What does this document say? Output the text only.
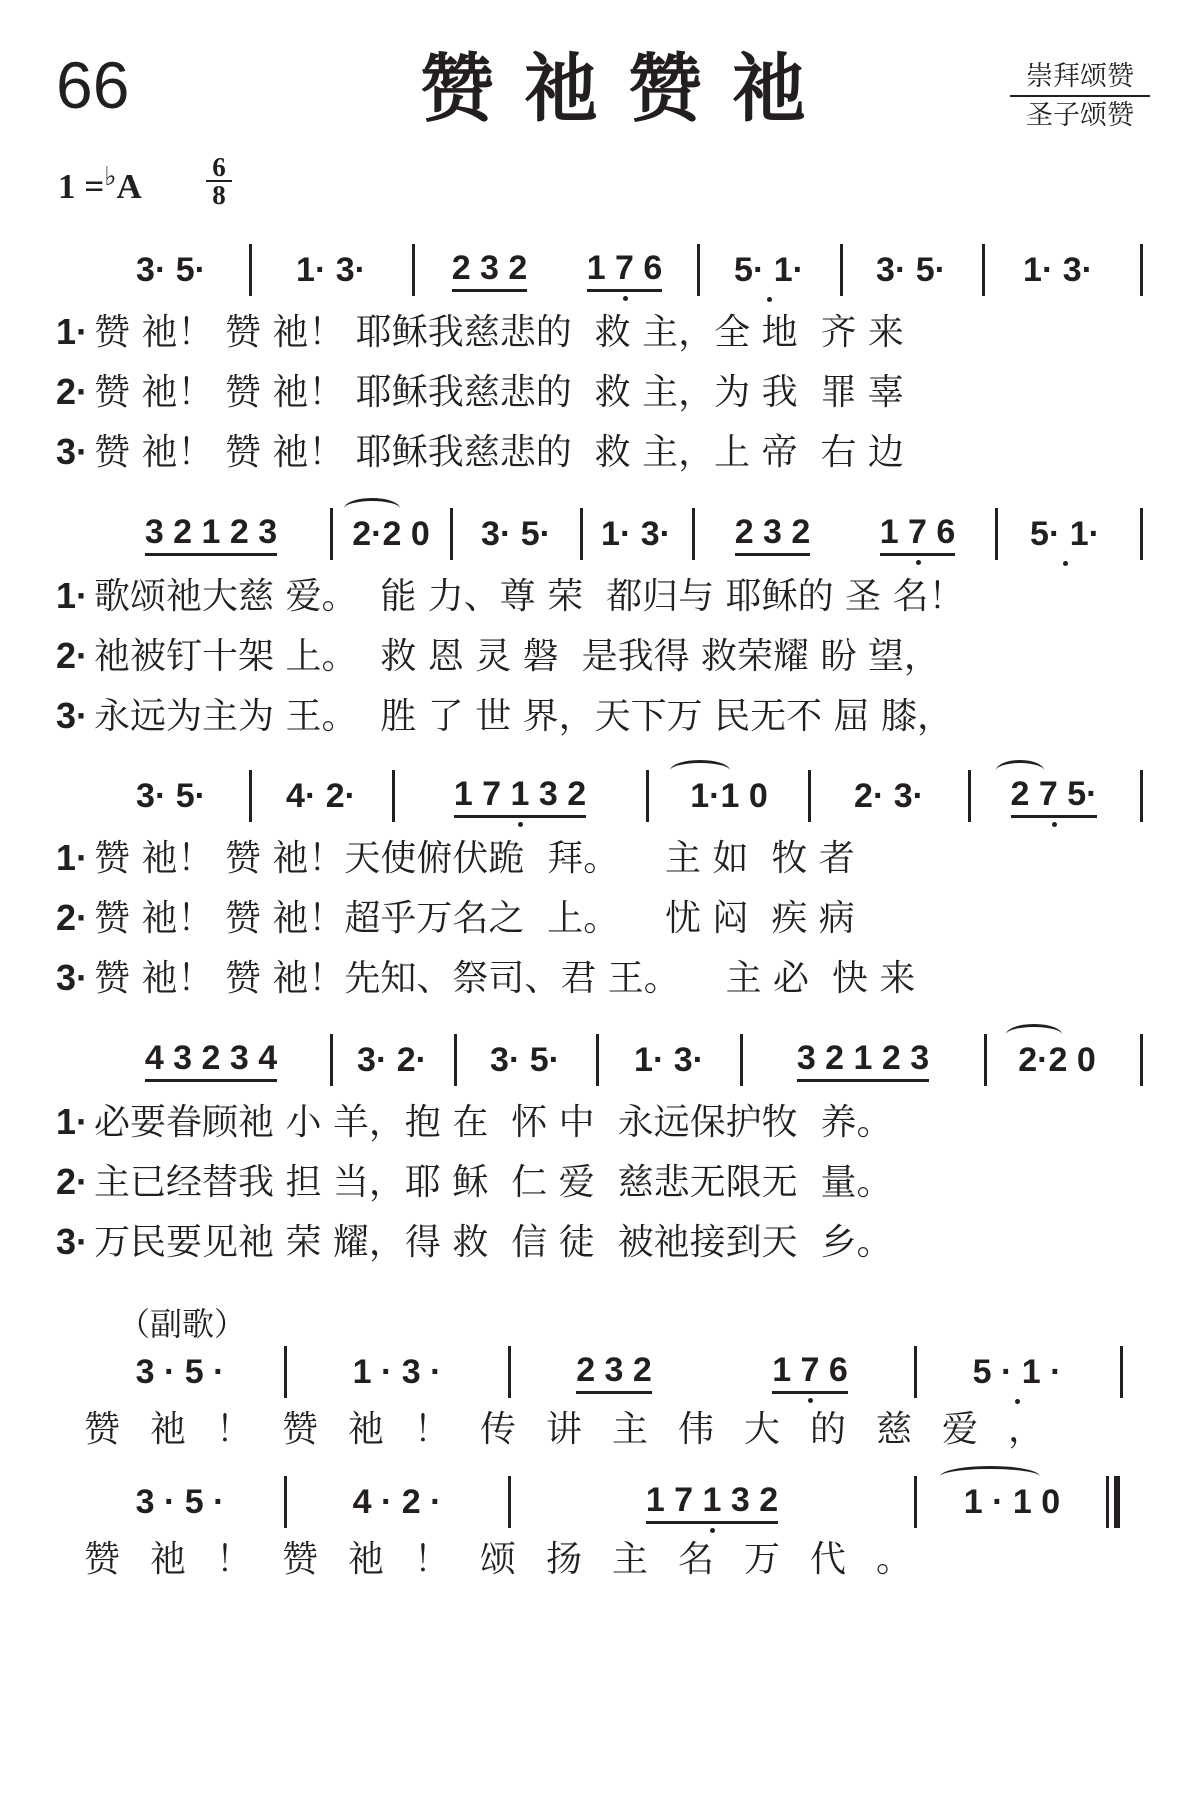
66	赞祂赞祂	崇拜颂赞
圣子颂赞
$1 =^♭A \frac{6}{8}$
3· 5·	1· 3·	2 3 2 1 7 6 5· 1· 3· 5· 1· 3·
1· 赞 祂！ 赞 祂！ 耶稣我慈悲的  救 主，全 地  齐 来
2· 赞 祂！ 赞 祂！ 耶稣我慈悲的  救 主，为 我  罪 辜
3· 赞 祂！ 赞 祂！ 耶稣我慈悲的  救 主，上 帝  右 边
3 2 1 2 3 2·2 0 3· 5· 1· 3· 2 3 2 1 7 6 5· 1·
1· 歌颂祂大慈 爱。  能 力、尊 荣  都归与 耶稣的 圣 名！
2· 祂被钉十架 上。  救 恩 灵 磐  是我得 救荣耀 盼 望，
3· 永远为主为 王。  胜 了 世 界，天下万 民无不 屈 膝，
3· 5· 4· 2·	1 7 1 3 2	1·1 0	2· 3·	2 7 5·
1· 赞 祂！ 赞 祂！天使俯伏跪  拜。    主 如  牧 者
2· 赞 祂！ 赞 祂！超乎万名之  上。    忧 闷  疾 病
3· 赞 祂！ 赞 祂！先知、祭司、君 王。    主 必  快 来
4 3 2 3 4 3· 2· 3· 5· 1· 3·	3 2 1 2 3	2·2 0
1· 必要眷顾祂 小 羊，抱 在  怀 中  永远保护牧  养。
2· 主已经替我 担 当，耶 稣  仁 爱  慈悲无限无  量。
3· 万民要见祂 荣 耀，得 救  信 徒  被祂接到天  乡。
（副歌）
3 · 5 ·	1 · 3 ·	2 3 2	1 7 6	5 · 1 ·
赞祂！赞祂！传讲主伟大的慈爱，
3 · 5 ·	4 · 2 ·	1 7 1 3 2	1 · 1 0
赞祂！赞祂！颂扬主名万代。
